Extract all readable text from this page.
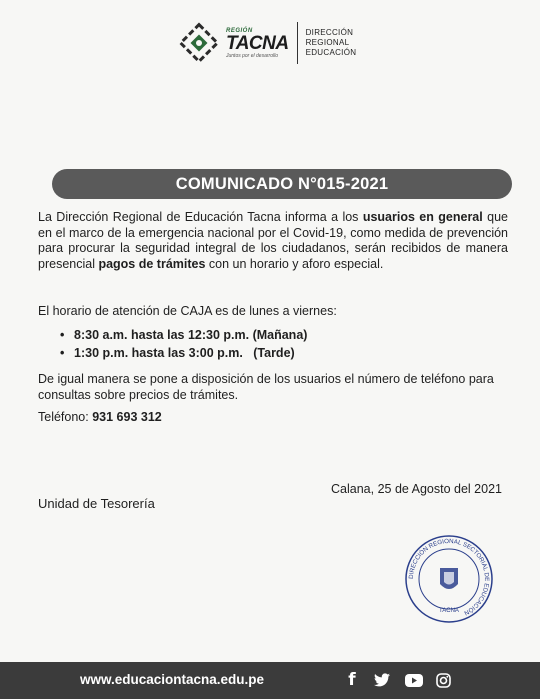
REGIÓN
TACNA
Juntos por el desarrollo
DIRECCIÓN
REGIONAL
EDUCACIÓN
COMUNICADO N°015-2021

La Dirección Regional de Educación Tacna informa a los usuarios en general que en el marco de la emergencia nacional por el Covid-19, como medida de prevención para procurar la seguridad integral de los ciudadanos, serán recibidos de manera presencial pagos de trámites con un horario y aforo especial.

El horario de atención de CAJA es de lunes a viernes:

• 8:30 a.m. hasta las 12:30 p.m. (Mañana)
• 1:30 p.m. hasta las 3:00 p.m.   (Tarde)

De igual manera se pone a disposición de los usuarios el número de teléfono para consultas sobre precios de trámites.

Teléfono: 931 693 312

Calana, 25 de Agosto del 2021
Unidad de Tesorería
DIRECCIÓN REGIONAL SECTORIAL DE EDUCACIÓN
TACNA
www.educaciontacna.edu.pe	f
